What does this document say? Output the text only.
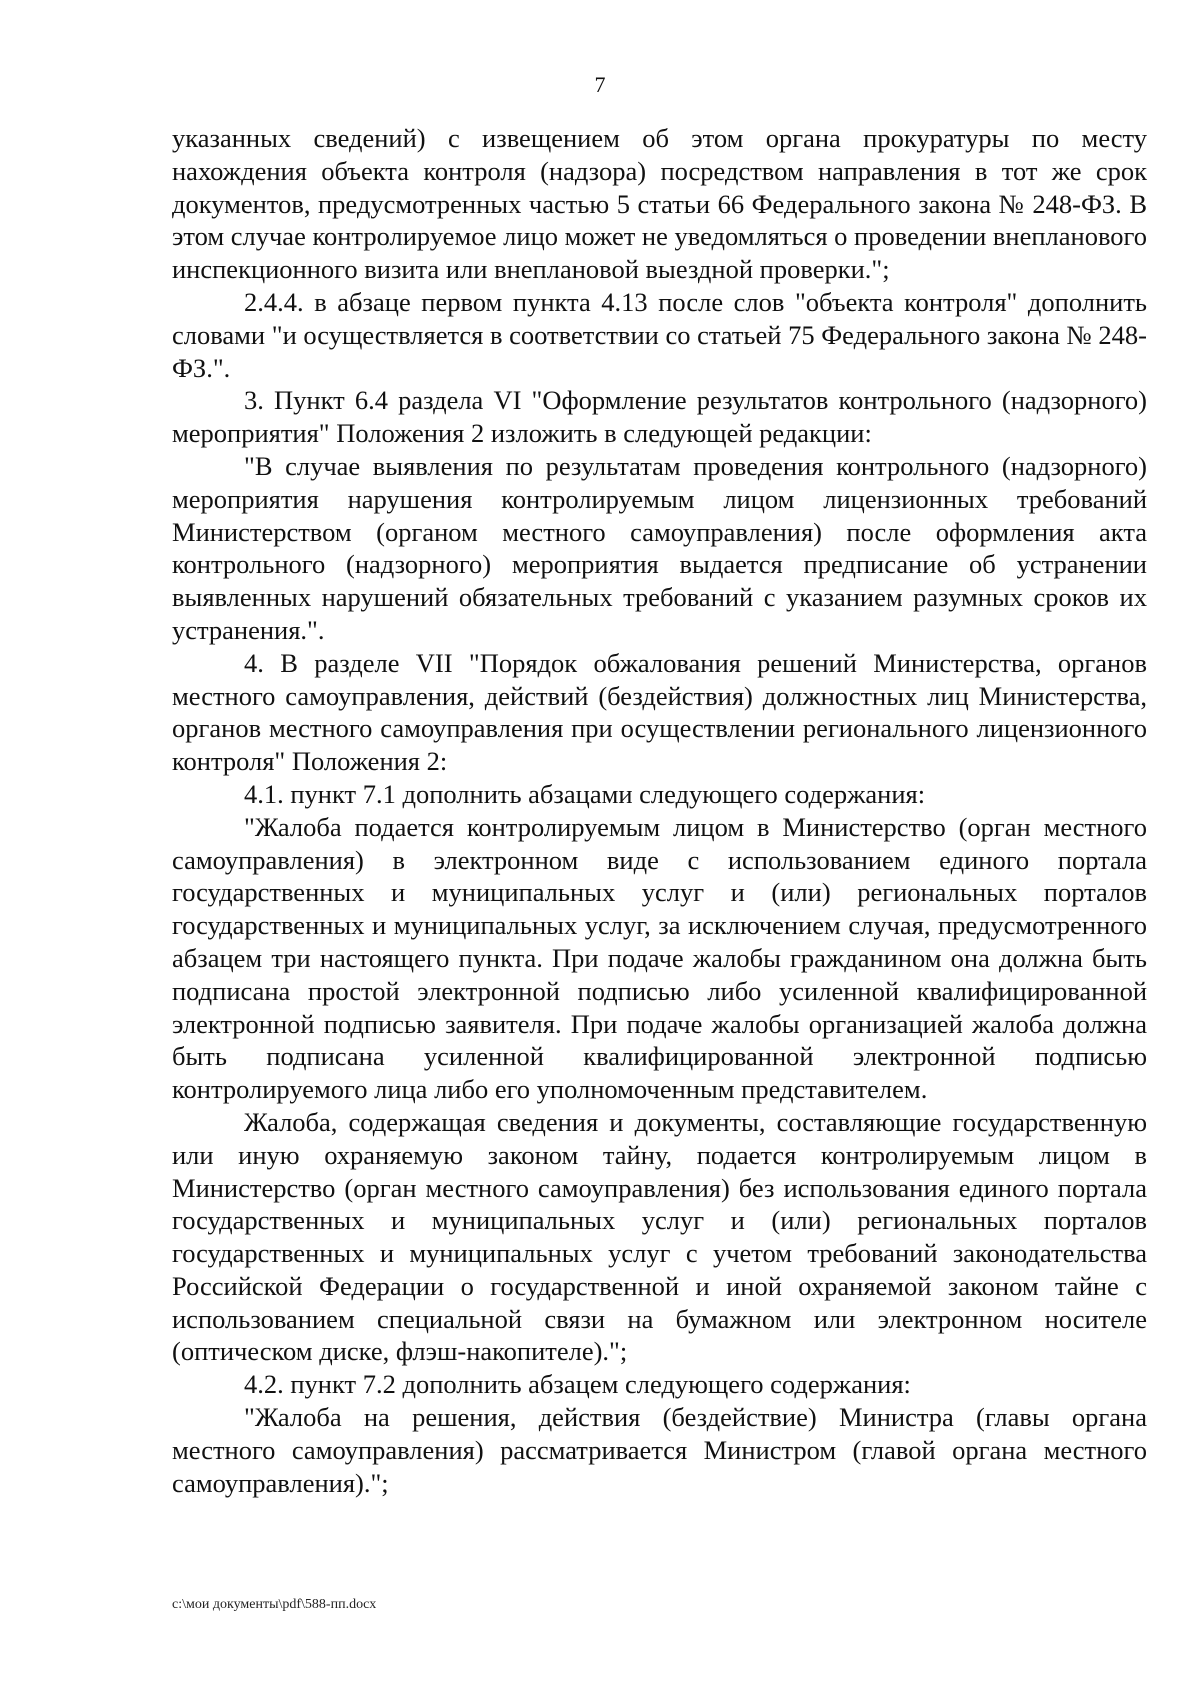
7

указанных сведений) с извещением об этом органа прокуратуры по месту нахождения объекта контроля (надзора) посредством направления в тот же срок документов, предусмотренных частью 5 статьи 66 Федерального закона № 248-ФЗ. В этом случае контролируемое лицо может не уведомляться о проведении внепланового инспекционного визита или внеплановой выездной проверки.";

2.4.4. в абзаце первом пункта 4.13 после слов "объекта контроля" дополнить словами "и осуществляется в соответствии со статьей 75 Федерального закона № 248-ФЗ.".

3. Пункт 6.4 раздела VI "Оформление результатов контрольного (надзорного) мероприятия" Положения 2 изложить в следующей редакции:

"В случае выявления по результатам проведения контрольного (надзорного) мероприятия нарушения контролируемым лицом лицензионных требований Министерством (органом местного самоуправления) после оформления акта контрольного (надзорного) мероприятия выдается предписание об устранении выявленных нарушений обязательных требований с указанием разумных сроков их устранения.".

4. В разделе VII "Порядок обжалования решений Министерства, органов местного самоуправления, действий (бездействия) должностных лиц Министерства, органов местного самоуправления при осуществлении регионального лицензионного контроля" Положения 2:

4.1. пункт 7.1 дополнить абзацами следующего содержания:

"Жалоба подается контролируемым лицом в Министерство (орган местного самоуправления) в электронном виде с использованием единого портала государственных и муниципальных услуг и (или) региональных порталов государственных и муниципальных услуг, за исключением случая, предусмотренного абзацем три настоящего пункта. При подаче жалобы гражданином она должна быть подписана простой электронной подписью либо усиленной квалифицированной электронной подписью заявителя. При подаче жалобы организацией жалоба должна быть подписана усиленной квалифицированной электронной подписью контролируемого лица либо его уполномоченным представителем.

Жалоба, содержащая сведения и документы, составляющие государственную или иную охраняемую законом тайну, подается контролируемым лицом в Министерство (орган местного самоуправления) без использования единого портала государственных и муниципальных услуг и (или) региональных порталов государственных и муниципальных услуг с учетом требований законодательства Российской Федерации о государственной и иной охраняемой законом тайне с использованием специальной связи на бумажном или электронном носителе (оптическом диске, флэш-накопителе).";

4.2. пункт 7.2 дополнить абзацем следующего содержания:

"Жалоба на решения, действия (бездействие) Министра (главы органа местного самоуправления) рассматривается Министром (главой органа местного самоуправления).";

c:\мои документы\pdf\588-пп.docx
